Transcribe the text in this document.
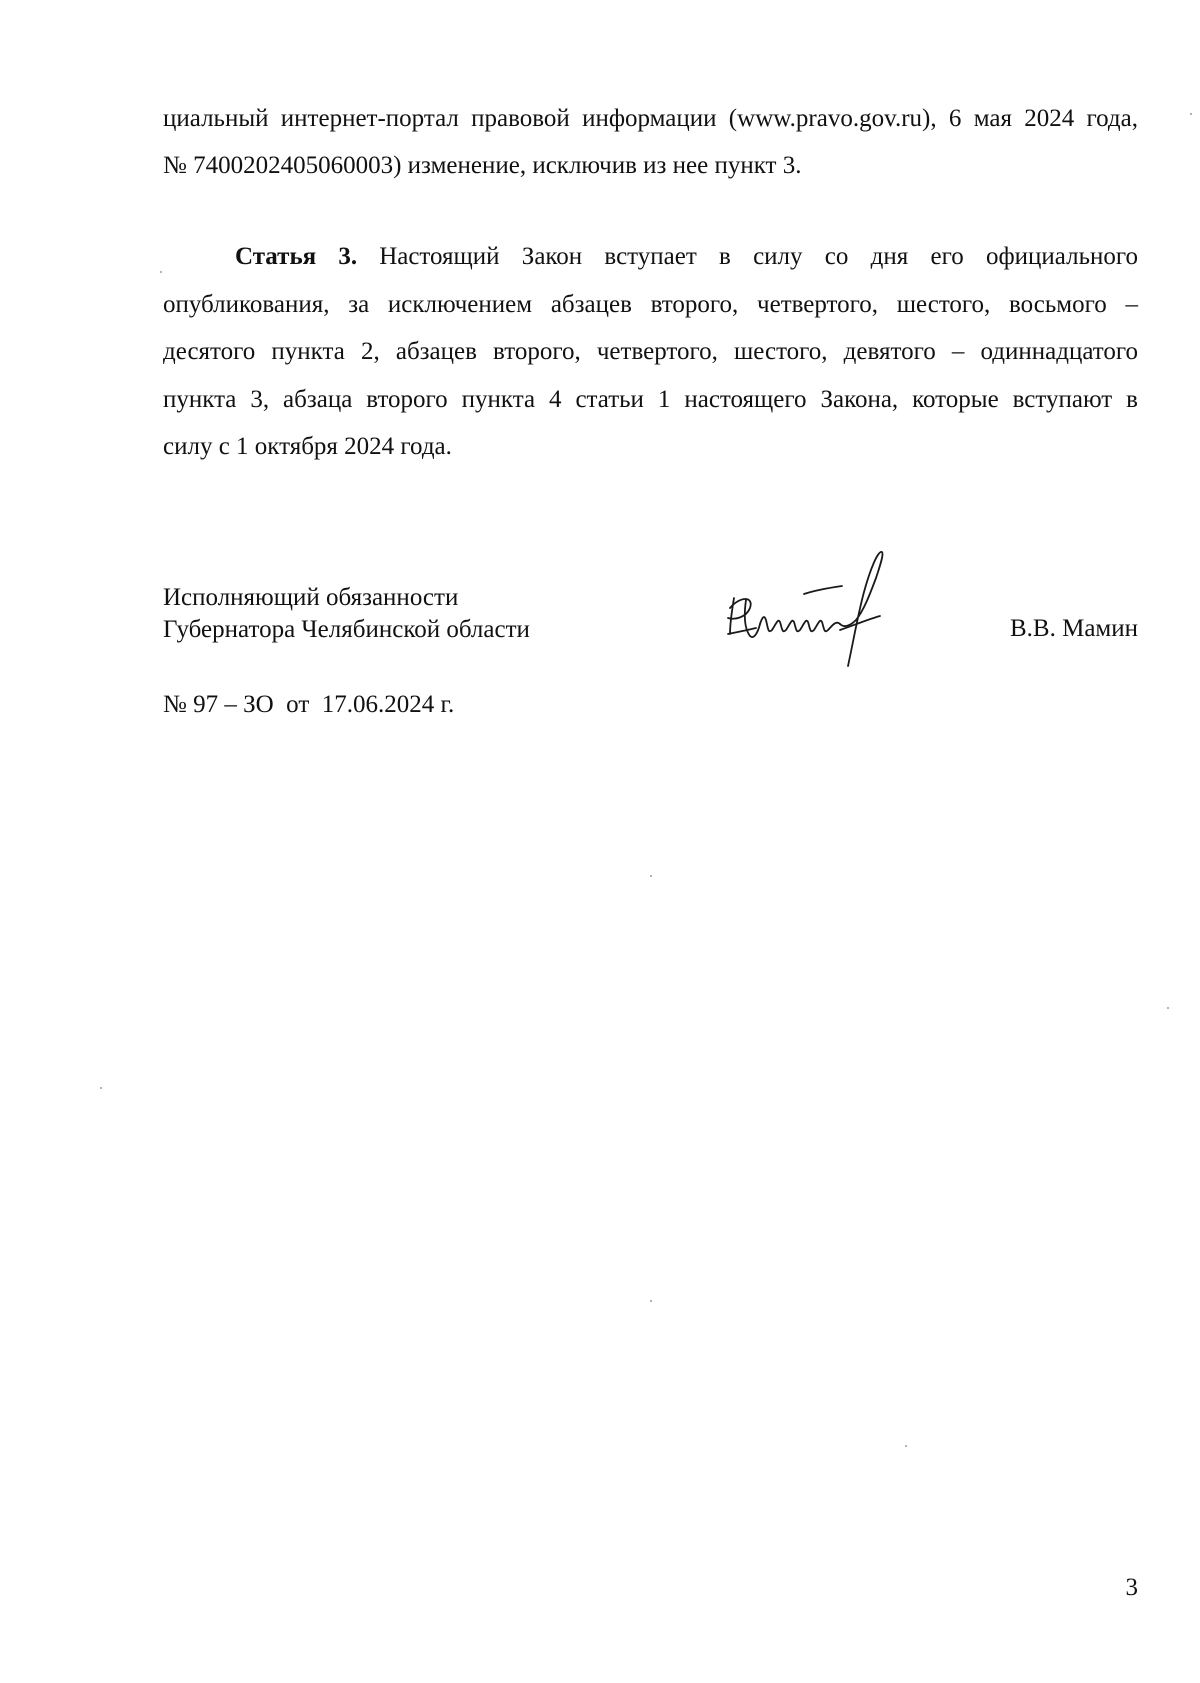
циальный интернет-портал правовой информации (www.pravo.gov.ru), 6 мая 2024 года,
№ 7400202405060003) изменение, исключив из нее пункт 3.
Статья 3. Настоящий Закон вступает в силу со дня его официального
опубликования, за исключением абзацев второго, четвертого, шестого, восьмого –
десятого пункта 2, абзацев второго, четвертого, шестого, девятого – одиннадцатого
пункта 3, абзаца второго пункта 4 статьи 1 настоящего Закона, которые вступают в
силу с 1 октября 2024 года.
Исполняющий обязанности
Губернатора Челябинской области	В.В. Мамин
№ 97 – ЗО  от  17.06.2024 г.
3
